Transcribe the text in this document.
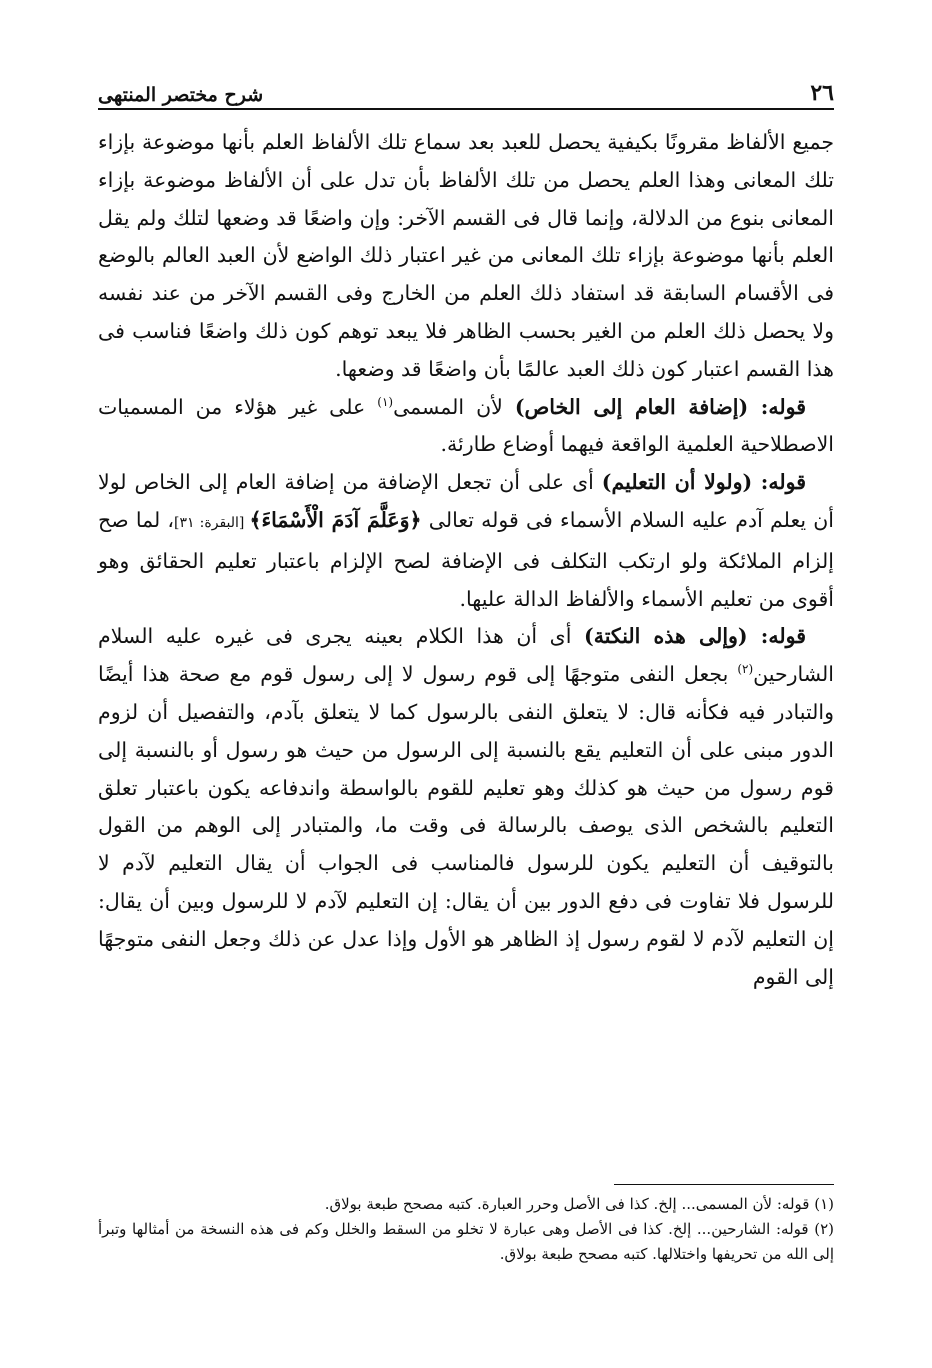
٢٦
شرح مختصر المنتهى

جميع الألفاظ مقرونًا بكيفية يحصل للعبد بعد سماع تلك الألفاظ العلم بأنها موضوعة بإزاء تلك المعانى وهذا العلم يحصل من تلك الألفاظ بأن تدل على أن الألفاظ موضوعة بإزاء المعانى بنوع من الدلالة، وإنما قال فى القسم الآخر: وإن واضعًا قد وضعها لتلك ولم يقل العلم بأنها موضوعة بإزاء تلك المعانى من غير اعتبار ذلك الواضع لأن العبد العالم بالوضع فى الأقسام السابقة قد استفاد ذلك العلم من الخارج وفى القسم الآخر من عند نفسه ولا يحصل ذلك العلم من الغير بحسب الظاهر فلا يبعد توهم كون ذلك واضعًا فناسب فى هذا القسم اعتبار كون ذلك العبد عالمًا بأن واضعًا قد وضعها.

قوله: (إضافة العام إلى الخاص) لأن المسمى$^{(١)}$ على غير هؤلاء من المسميات الاصطلاحية العلمية الواقعة فيهما أوضاع طارئة.

قوله: (ولولا أن التعليم) أى على أن تجعل الإضافة من إضافة العام إلى الخاص لولا أن يعلم آدم عليه السلام الأسماء فى قوله تعالى ﴿وَعَلَّمَ آدَمَ الْأَسْمَاءَ﴾ [البقرة: ٣١]، لما صح إلزام الملائكة ولو ارتكب التكلف فى الإضافة لصح الإلزام باعتبار تعليم الحقائق وهو أقوى من تعليم الأسماء والألفاظ الدالة عليها.

قوله: (وإلى هذه النكتة) أى أن هذا الكلام بعينه يجرى فى غيره عليه السلام الشارحين$^{(٢)}$ بجعل النفى متوجهًا إلى قوم رسول لا إلى رسول قوم مع صحة هذا أيضًا والتبادر فيه فكأنه قال: لا يتعلق النفى بالرسول كما لا يتعلق بآدم، والتفصيل أن لزوم الدور مبنى على أن التعليم يقع بالنسبة إلى الرسول من حيث هو رسول أو بالنسبة إلى قوم رسول من حيث هو كذلك وهو تعليم للقوم بالواسطة واندفاعه يكون باعتبار تعلق التعليم بالشخص الذى يوصف بالرسالة فى وقت ما، والمتبادر إلى الوهم من القول بالتوقيف أن التعليم يكون للرسول فالمناسب فى الجواب أن يقال التعليم لآدم لا للرسول فلا تفاوت فى دفع الدور بين أن يقال: إن التعليم لآدم لا للرسول وبين أن يقال: إن التعليم لآدم لا لقوم رسول إذ الظاهر هو الأول وإذا عدل عن ذلك وجعل النفى متوجهًا إلى القوم

(١) قوله: لأن المسمى... إلخ. كذا فى الأصل وحرر العبارة. كتبه مصحح طبعة بولاق.

(٢) قوله: الشارحين... إلخ. كذا فى الأصل وهى عبارة لا تخلو من السقط والخلل وكم فى هذه النسخة من أمثالها وتبرأ إلى الله من تحريفها واختلالها. كتبه مصحح طبعة بولاق.
